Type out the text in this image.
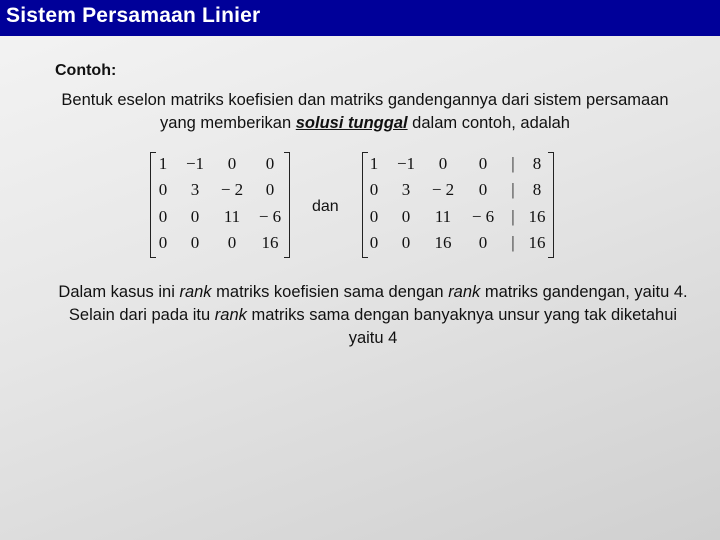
Sistem Persamaan Linier
Contoh:
Bentuk eselon matriks koefisien dan matriks gandengannya dari sistem persamaan yang memberikan solusi tunggal dalam contoh, adalah
1	−1	0	0
0	3	− 2	0
0	0	11	− 6
0	0	0	16
dan
1	−1	0	0	|	8
0	3	− 2	0	|	8
0	0	11	− 6	| 16
0	0	16	0	| 16
Dalam kasus ini rank matriks koefisien sama dengan rank matriks gandengan, yaitu 4. Selain dari pada itu rank matriks sama dengan banyaknya unsur yang tak diketahui yaitu 4
